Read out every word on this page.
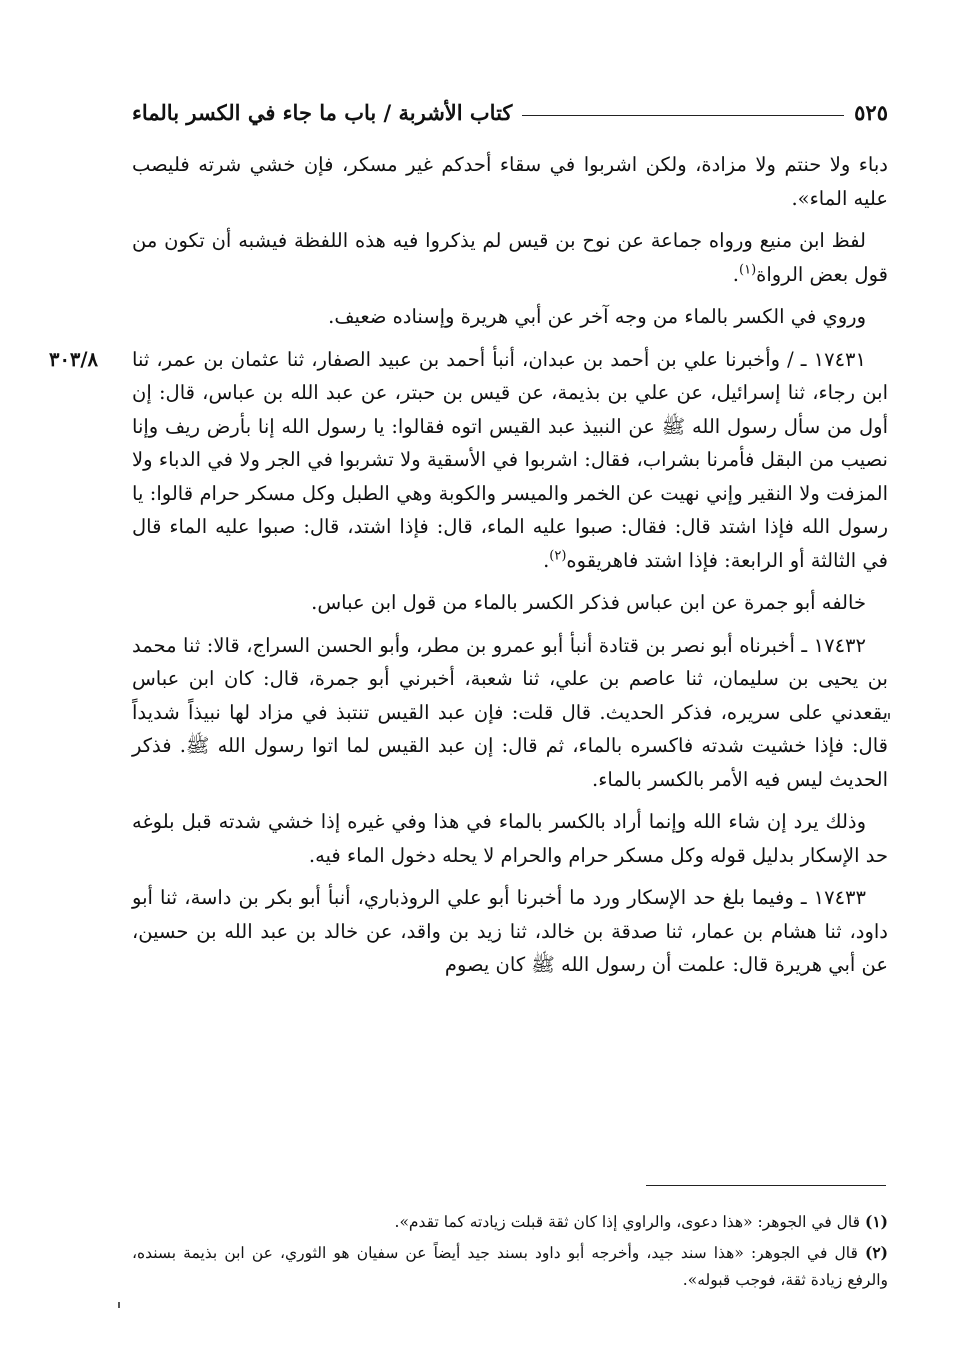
كتاب الأشربة / باب ما جاء في الكسر بالماء	٥٢٥

دباء ولا حنتم ولا مزادة، ولكن اشربوا في سقاء أحدكم غير مسكر، فإن خشي شرته فليصب عليه الماء».

لفظ ابن منيع ورواه جماعة عن نوح بن قيس لم يذكروا فيه هذه اللفظة فيشبه أن تكون من قول بعض الرواة$^{(١)}$.

وروي في الكسر بالماء من وجه آخر عن أبي هريرة وإسناده ضعيف.

٣٠٣/٨	١٧٤٣١ ـ / وأخبرنا علي بن أحمد بن عبدان، أنبأ أحمد بن عبيد الصفار، ثنا عثمان بن عمر، ثنا ابن رجاء، ثنا إسرائيل، عن علي بن بذيمة، عن قيس بن حبتر، عن عبد الله بن عباس، قال: إن أول من سأل رسول الله ﷺ عن النبيذ عبد القيس اتوه فقالوا: يا رسول الله إنا بأرض ريف وإنا نصيب من البقل فأمرنا بشراب، فقال: اشربوا في الأسقية ولا تشربوا في الجر ولا في الدباء ولا المزفت ولا النقير وإني نهيت عن الخمر والميسر والكوبة وهي الطبل وكل مسكر حرام قالوا: يا رسول الله فإذا اشتد قال: فقال: صبوا عليه الماء، قال: فإذا اشتد، قال: صبوا عليه الماء قال في الثالثة أو الرابعة: فإذا اشتد فاهريقوه$^{(٢)}$.

خالفه أبو جمرة عن ابن عباس فذكر الكسر بالماء من قول ابن عباس.

١٧٤٣٢ ـ أخبرناه أبو نصر بن قتادة أنبأ أبو عمرو بن مطر، وأبو الحسن السراج، قالا: ثنا محمد بن يحيى بن سليمان، ثنا عاصم بن علي، ثنا شعبة، أخبرني أبو جمرة، قال: كان ابن عباس يقعدني على سريره، فذكر الحديث. قال قلت: فإن عبد القيس تنتبذ في مزاد لها نبيذاً شديداً قال: فإذا خشيت شدته فاكسره بالماء، ثم قال: إن عبد القيس لما اتوا رسول الله ﷺ. فذكر الحديث ليس فيه الأمر بالكسر بالماء.

وذلك يرد إن شاء الله وإنما أراد بالكسر بالماء في هذا وفي غيره إذا خشي شدته قبل بلوغه حد الإسكار بدليل قوله وكل مسكر حرام والحرام لا يحله دخول الماء فيه.

١٧٤٣٣ ـ وفيما بلغ حد الإسكار ورد ما أخبرنا أبو علي الروذباري، أنبأ أبو بكر بن داسة، ثنا أبو داود، ثنا هشام بن عمار، ثنا صدقة بن خالد، ثنا زيد بن واقد، عن خالد بن عبد الله بن حسين، عن أبي هريرة قال: علمت أن رسول الله ﷺ كان يصوم

(١) قال في الجوهر: «هذا دعوى، والراوي إذا كان ثقة قبلت زيادته كما تقدم».

(٢) قال في الجوهر: «هذا سند جيد، وأخرجه أبو داود بسند جيد أيضاً عن سفيان هو الثوري، عن ابن بذيمة بسنده، والرفع زيادة ثقة، فوجب قبوله».
